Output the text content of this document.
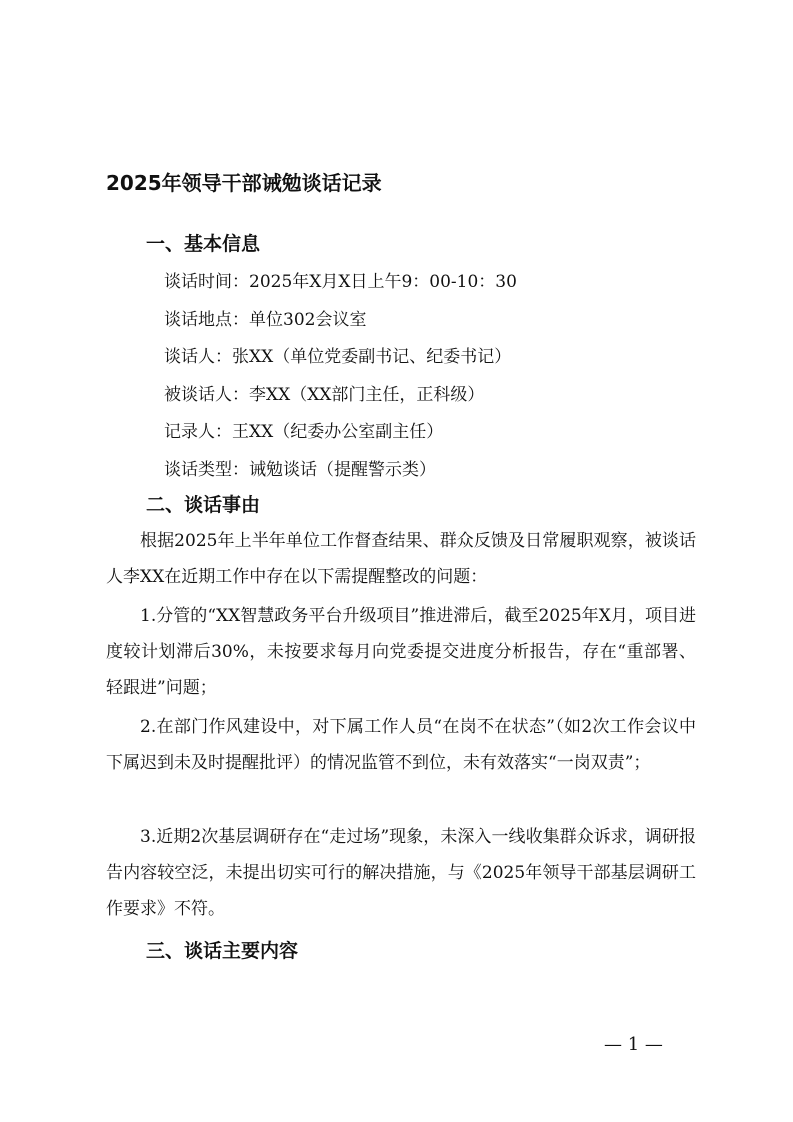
2025年领导干部诫勉谈话记录
一、基本信息
谈话时间：2025年X月X日上午9：00-10：30
谈话地点：单位302会议室
谈话人：张XX（单位党委副书记、纪委书记）
被谈话人：李XX（XX部门主任，正科级）
记录人：王XX（纪委办公室副主任）
谈话类型：诫勉谈话（提醒警示类）
二、谈话事由
根据2025年上半年单位工作督查结果、群众反馈及日常履职观察，被谈话人李XX在近期工作中存在以下需提醒整改的问题：
1.分管的“XX智慧政务平台升级项目”推进滞后，截至2025年X月，项目进度较计划滞后30%，未按要求每月向党委提交进度分析报告，存在“重部署、轻跟进”问题；
2.在部门作风建设中，对下属工作人员“在岗不在状态”（如2次工作会议中下属迟到未及时提醒批评）的情况监管不到位，未有效落实“一岗双责”；
3.近期2次基层调研存在“走过场”现象，未深入一线收集群众诉求，调研报告内容较空泛，未提出切实可行的解决措施，与《2025年领导干部基层调研工作要求》不符。
三、谈话主要内容
— 1 —
